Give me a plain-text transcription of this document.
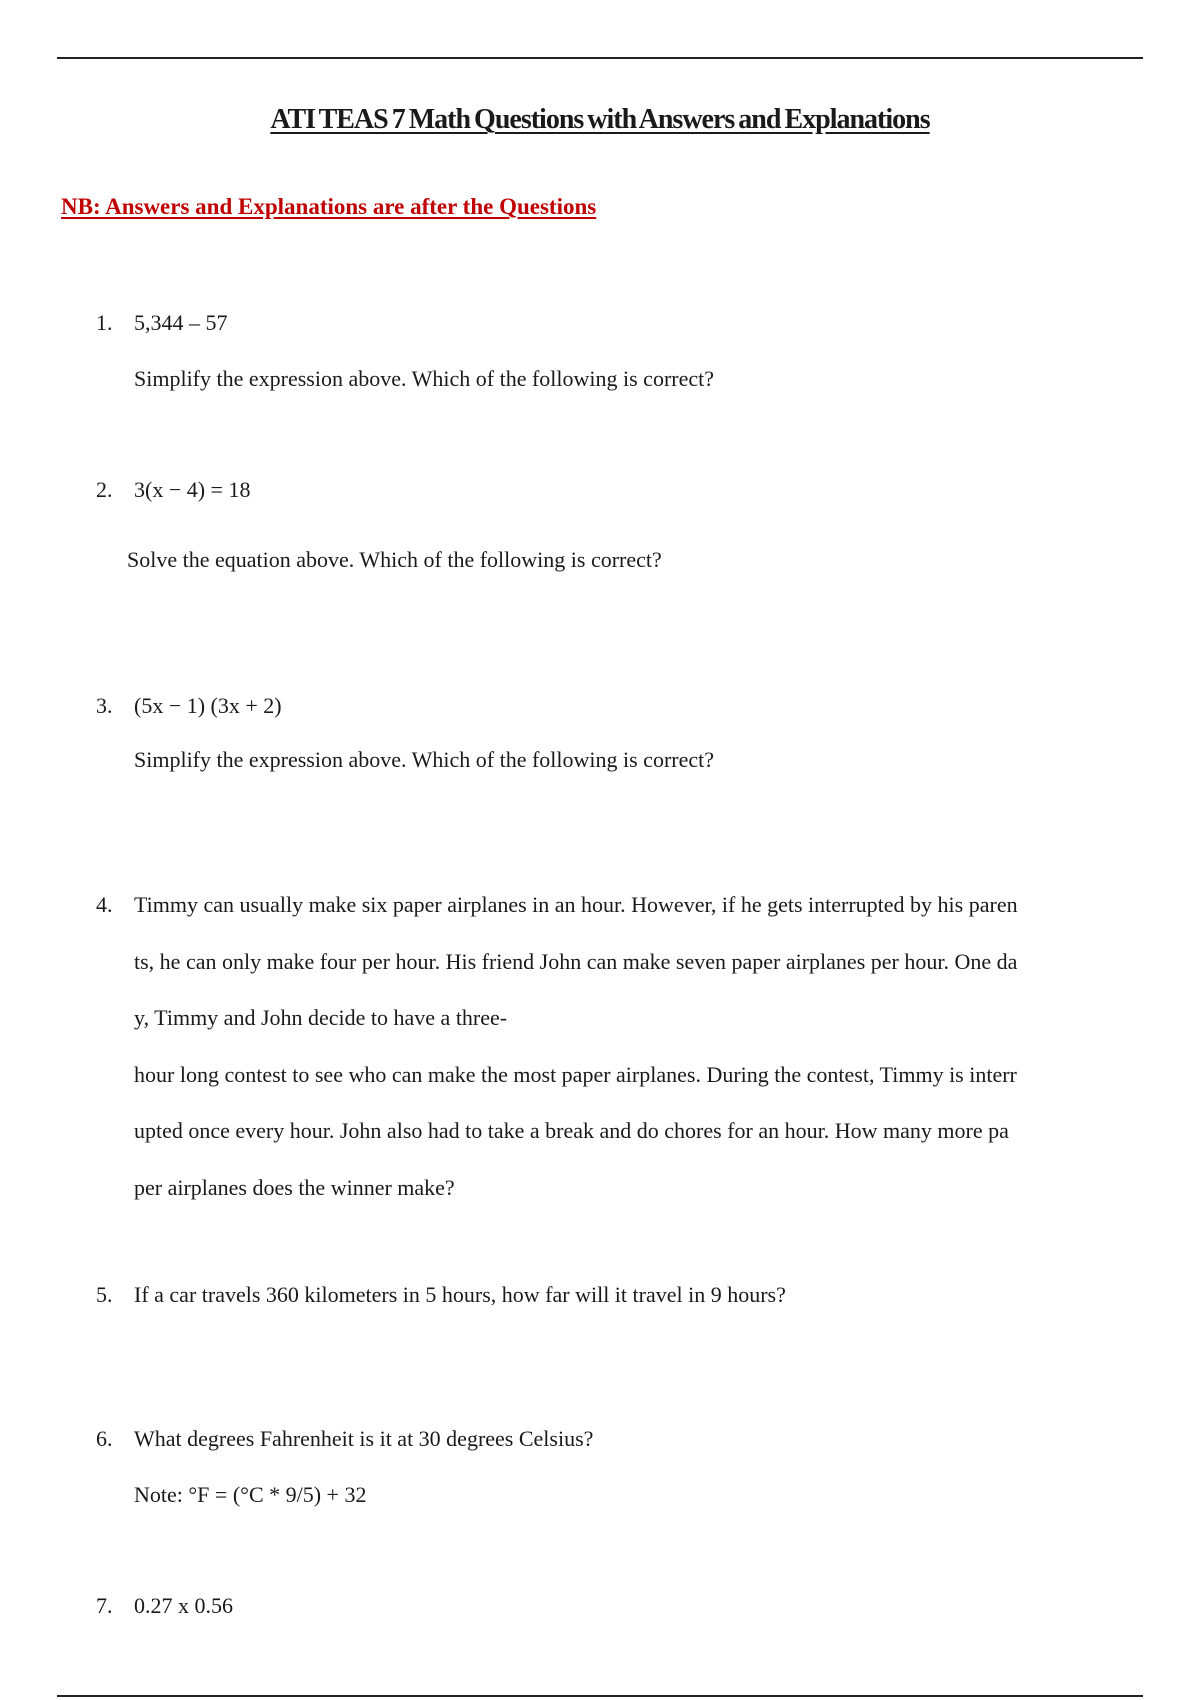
ATI TEAS 7 Math Questions with Answers and Explanations

NB: Answers and Explanations are after the Questions

1. 5,344 – 57

Simplify the expression above. Which of the following is correct?

2. 3(x − 4) = 18

Solve the equation above. Which of the following is correct?

3. (5x − 1) (3x + 2)

Simplify the expression above. Which of the following is correct?

4. Timmy can usually make six paper airplanes in an hour. However, if he gets interrupted by his paren
ts, he can only make four per hour. His friend John can make seven paper airplanes per hour. One da
y, Timmy and John decide to have a three-
hour long contest to see who can make the most paper airplanes. During the contest, Timmy is interr
upted once every hour. John also had to take a break and do chores for an hour. How many more pa
per airplanes does the winner make?
5. If a car travels 360 kilometers in 5 hours, how far will it travel in 9 hours?

6. What degrees Fahrenheit is it at 30 degrees Celsius?

Note: °F = (°C * 9/5) + 32

7. 0.27 x 0.56
